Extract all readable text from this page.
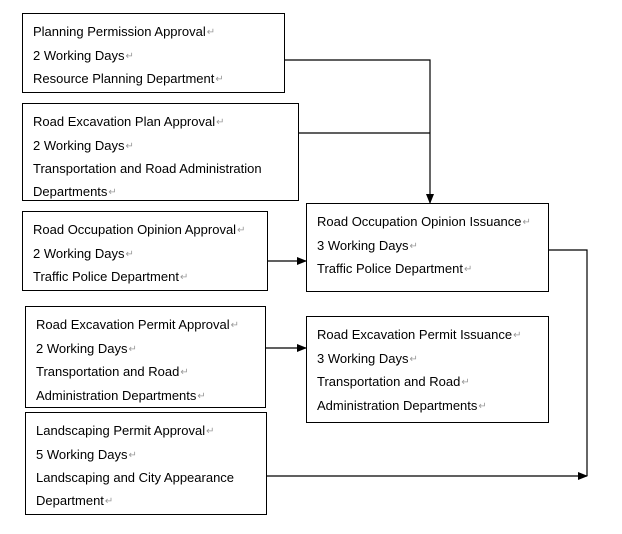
Planning Permission Approval↵
2 Working Days↵
Resource Planning Department↵
Road Excavation Plan Approval↵
2 Working Days↵
Transportation and Road Administration
Departments↵
Road Occupation Opinion Approval↵
2 Working Days↵
Traffic Police Department↵
Road Excavation Permit Approval↵
2 Working Days↵
Transportation and Road↵
Administration Departments↵
Landscaping Permit Approval↵
5 Working Days↵
Landscaping and City Appearance
Department↵
Road Occupation Opinion Issuance↵
3 Working Days↵
Traffic Police Department↵
Road Excavation Permit Issuance↵
3 Working Days↵
Transportation and Road↵
Administration Departments↵
